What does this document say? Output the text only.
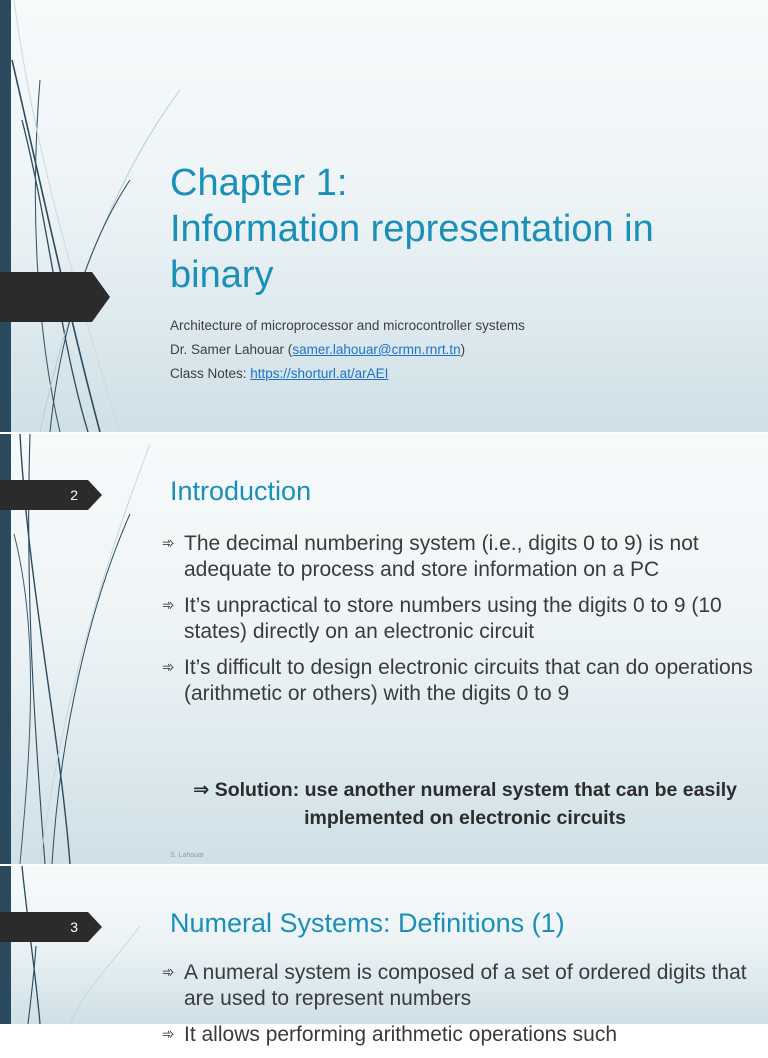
Chapter 1:
Information representation in
binary
Architecture of microprocessor and microcontroller systems
Dr. Samer Lahouar (samer.lahouar@crmn.rnrt.tn)
Class Notes: https://shorturl.at/arAEI
2	Introduction
➾ The decimal numbering system (i.e., digits 0 to 9) is not adequate to process and store information on a PC
➾ It’s unpractical to store numbers using the digits 0 to 9 (10 states) directly on an electronic circuit
➾ It’s difficult to design electronic circuits that can do operations (arithmetic or others) with the digits 0 to 9
⇒ Solution: use another numeral system that can be easily implemented on electronic circuits
S. Lahouar
3	Numeral Systems: Definitions (1)
➾ A numeral system is composed of a set of ordered digits that are used to represent numbers
➾ It allows performing arithmetic operations such
